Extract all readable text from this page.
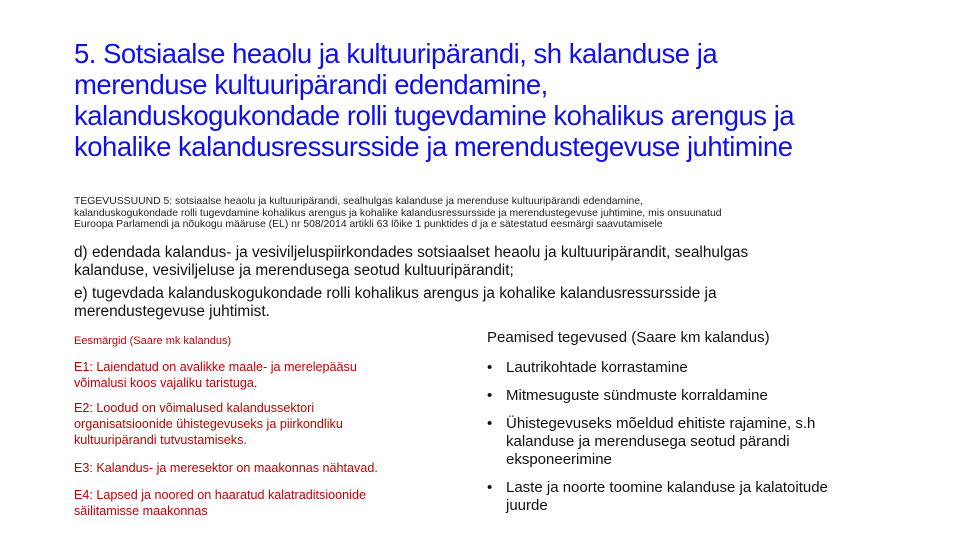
5. Sotsiaalse heaolu ja kultuuripärandi, sh kalanduse ja
merenduse kultuuripärandi edendamine,
kalanduskogukondade rolli tugevdamine kohalikus arengus ja
kohalike kalandusressursside ja merendustegevuse juhtimine
TEGEVUSSUUND 5: sotsiaalse heaolu ja kultuuripärandi, sealhulgas kalanduse ja merenduse kultuuripärandi edendamine,
kalanduskogukondade rolli tugevdamine kohalikus arengus ja kohalike kalandusressursside ja merendustegevuse juhtimine, mis onsuunatud
Euroopa Parlamendi ja nõukogu määruse (EL) nr 508/2014 artikli 63 lõike 1 punktides d ja e sätestatud eesmärgi saavutamisele

d) edendada kalandus- ja vesiviljeluspiirkondades sotsiaalset heaolu ja kultuuripärandit, sealhulgas
kalanduse, vesiviljeluse ja merendusega seotud kultuuripärandit;

e) tugevdada kalanduskogukondade rolli kohalikus arengus ja kohalike kalandusressursside ja
merendustegevuse juhtimist.

Eesmärgid (Saare mk kalandus)
E1: Laiendatud on avalikke maale- ja merelepääsu
võimalusi koos vajaliku taristuga.
E2: Loodud on võimalused kalandussektori
organisatsioonide ühistegevuseks ja piirkondliku
kultuuripärandi tutvustamiseks.
E3: Kalandus- ja meresektor on maakonnas nähtavad.
E4: Lapsed ja noored on haaratud kalatraditsioonide
säilitamisse maakonnas
Peamised tegevused (Saare km kalandus)
• Lautrikohtade korrastamine
• Mitmesuguste sündmuste korraldamine
• Ühistegevuseks mõeldud ehitiste rajamine, s.h
kalanduse ja merendusega seotud pärandi
eksponeerimine
• Laste ja noorte toomine kalanduse ja kalatoitude
juurde
